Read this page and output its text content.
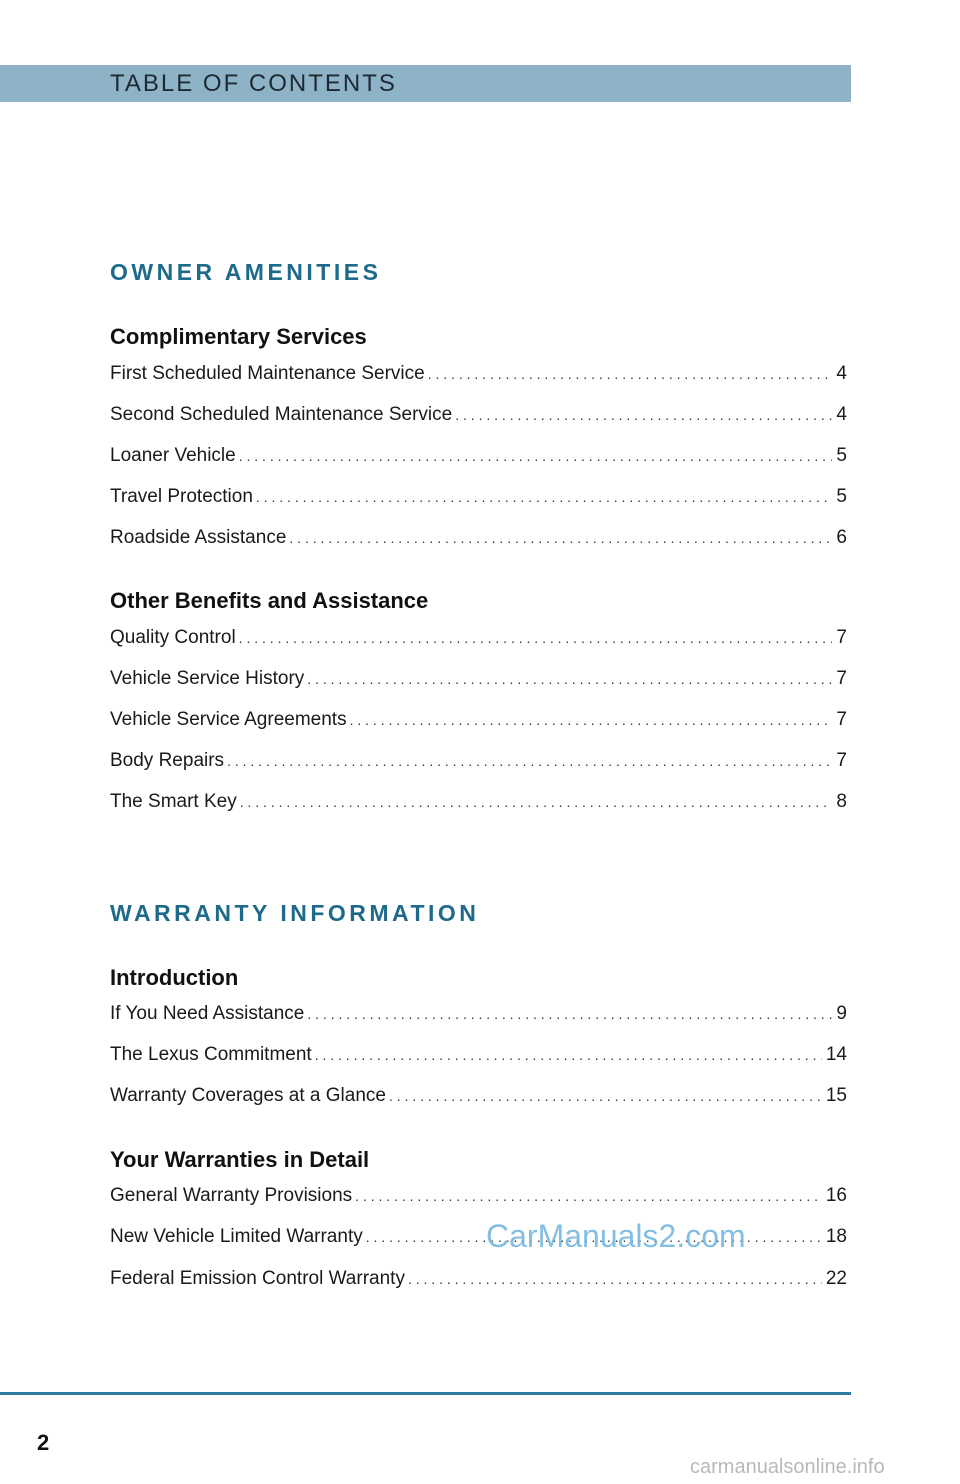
TABLE OF CONTENTS
OWNER AMENITIES
Complimentary Services
First Scheduled Maintenance Service . . .	4
Second Scheduled Maintenance Service . . .	4
Loaner Vehicle . . .	5
Travel Protection . . .	5
Roadside Assistance . . .	6
Other Benefits and Assistance
Quality Control . . .	7
Vehicle Service History . . .	7
Vehicle Service Agreements . . .	7
Body Repairs . . .	7
The Smart Key . . .	8
WARRANTY INFORMATION
Introduction
If You Need Assistance . . .	9
The Lexus Commitment . . .	14
Warranty Coverages at a Glance . . .	15
Your Warranties in Detail
General Warranty Provisions . . .	16
New Vehicle Limited Warranty . . .	18
Federal Emission Control Warranty . . .	22
CarManuals2.com
2
carmanualsonline.info
